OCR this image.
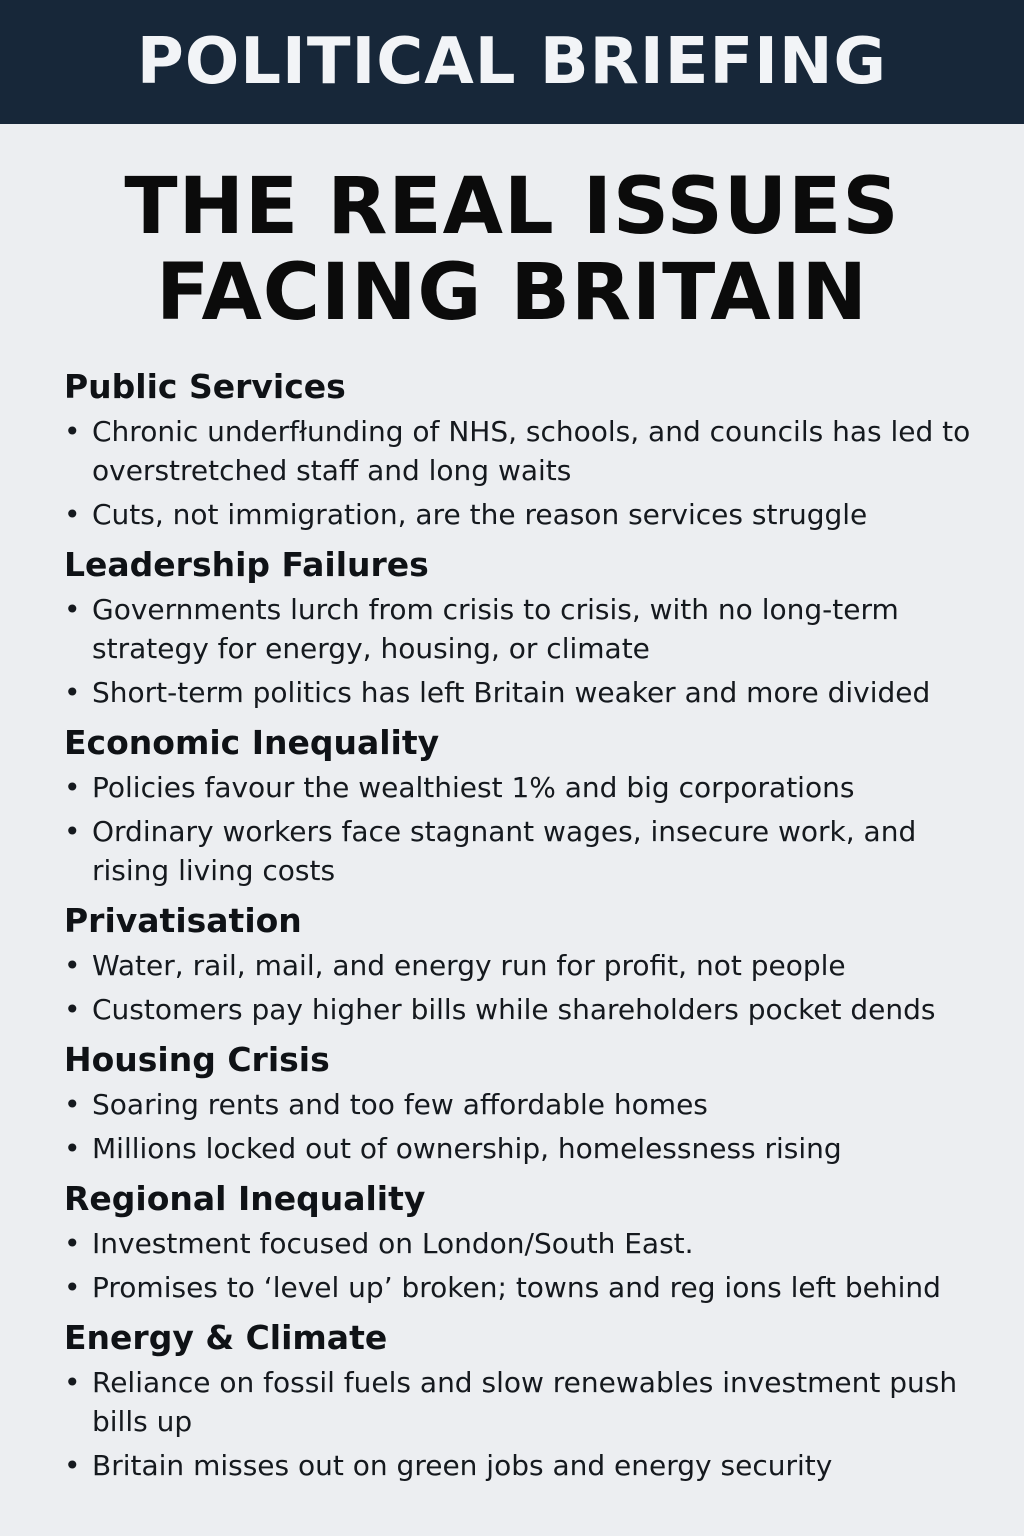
POLITICAL BRIEFING
THE REAL ISSUES
FACING BRITAIN
Public Services
• Chronic underfłunding of NHS, schools, and councils has led to overstretched staff and long waits
• Cuts, not immigration, are the reason services struggle
Leadership Failures
• Governments lurch from crisis to crisis, with no long-term strategy for energy, housing, or climate
• Short-term politics has left Britain weaker and more divided
Economic Inequality
• Policies favour the wealthiest 1% and big corporations
• Ordinary workers face stagnant wages, insecure work, and rising living costs
Privatisation
• Water, rail, mail, and energy run for profit, not people
• Customers pay higher bills while shareholders pocket dends
Housing Crisis
• Soaring rents and too few affordable homes
• Millions locked out of ownership, homelessness rising
Regional Inequality
• Investment focused on London/South East.
• Promises to ‘level up’ broken; towns and reg ions left behind
Energy & Climate
• Reliance on fossil fuels and slow renewables investment push bills up
• Britain misses out on green jobs and energy security
